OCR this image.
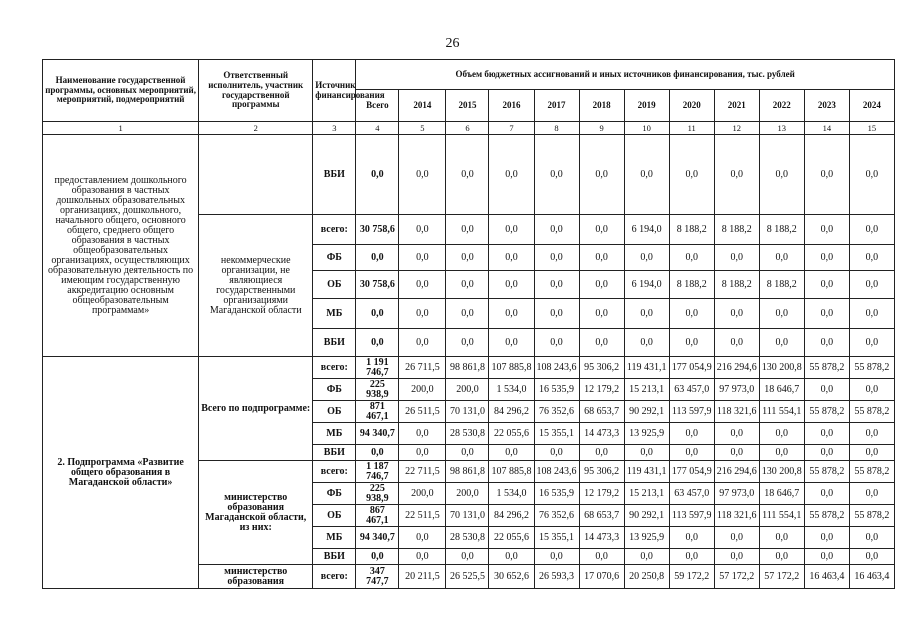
26
Наименование государственной программы, основных мероприятий, мероприятий, подмероприятий	Ответственный исполнитель, участник государственной программы	Источник финансирования	Объем бюджетных ассигнований и иных источников финансирования, тыс. рублей											
			Всего	2014	2015	2016	2017	2018	2019	2020	2021	2022	2023	2024
1	2	3	4	5	6	7	8	9	10	11	12	13	14	15
предоставлением дошкольного образования в частных дошкольных образовательных организациях, дошкольного, начального общего, основного общего, среднего общего образования в частных общеобразовательных организациях, осуществляющих образовательную деятельность по имеющим государственную аккредитацию основным общеобразовательным программам»		ВБИ	0,0	0,0	0,0	0,0	0,0	0,0	0,0	0,0	0,0	0,0	0,0	0,0
	некоммерческие организации, не являющиеся государственными организациями Магаданской области	всего:	30 758,6	0,0	0,0	0,0	0,0	0,0	6 194,0	8 188,2	8 188,2	8 188,2	0,0	0,0
		ФБ	0,0	0,0	0,0	0,0	0,0	0,0	0,0	0,0	0,0	0,0	0,0	0,0
		ОБ	30 758,6	0,0	0,0	0,0	0,0	0,0	6 194,0	8 188,2	8 188,2	8 188,2	0,0	0,0
		МБ	0,0	0,0	0,0	0,0	0,0	0,0	0,0	0,0	0,0	0,0	0,0	0,0
		ВБИ	0,0	0,0	0,0	0,0	0,0	0,0	0,0	0,0	0,0	0,0	0,0	0,0
2. Подпрограмма «Развитие общего образования в Магаданской области»	Всего по подпрограмме:	всего:	1 191 746,7	26 711,5	98 861,8	107 885,8	108 243,6	95 306,2	119 431,1	177 054,9	216 294,6	130 200,8	55 878,2	55 878,2
		ФБ	225 938,9	200,0	200,0	1 534,0	16 535,9	12 179,2	15 213,1	63 457,0	97 973,0	18 646,7	0,0	0,0
		ОБ	871 467,1	26 511,5	70 131,0	84 296,2	76 352,6	68 653,7	90 292,1	113 597,9	118 321,6	111 554,1	55 878,2	55 878,2
		МБ	94 340,7	0,0	28 530,8	22 055,6	15 355,1	14 473,3	13 925,9	0,0	0,0	0,0	0,0	0,0
		ВБИ	0,0	0,0	0,0	0,0	0,0	0,0	0,0	0,0	0,0	0,0	0,0	0,0
	министерство образования Магаданской области, из них:	всего:	1 187 746,7	22 711,5	98 861,8	107 885,8	108 243,6	95 306,2	119 431,1	177 054,9	216 294,6	130 200,8	55 878,2	55 878,2
		ФБ	225 938,9	200,0	200,0	1 534,0	16 535,9	12 179,2	15 213,1	63 457,0	97 973,0	18 646,7	0,0	0,0
		ОБ	867 467,1	22 511,5	70 131,0	84 296,2	76 352,6	68 653,7	90 292,1	113 597,9	118 321,6	111 554,1	55 878,2	55 878,2
		МБ	94 340,7	0,0	28 530,8	22 055,6	15 355,1	14 473,3	13 925,9	0,0	0,0	0,0	0,0	0,0
		ВБИ	0,0	0,0	0,0	0,0	0,0	0,0	0,0	0,0	0,0	0,0	0,0	0,0
	министерство образования	всего:	347 747,7	20 211,5	26 525,5	30 652,6	26 593,3	17 070,6	20 250,8	59 172,2	57 172,2	57 172,2	16 463,4	16 463,4
